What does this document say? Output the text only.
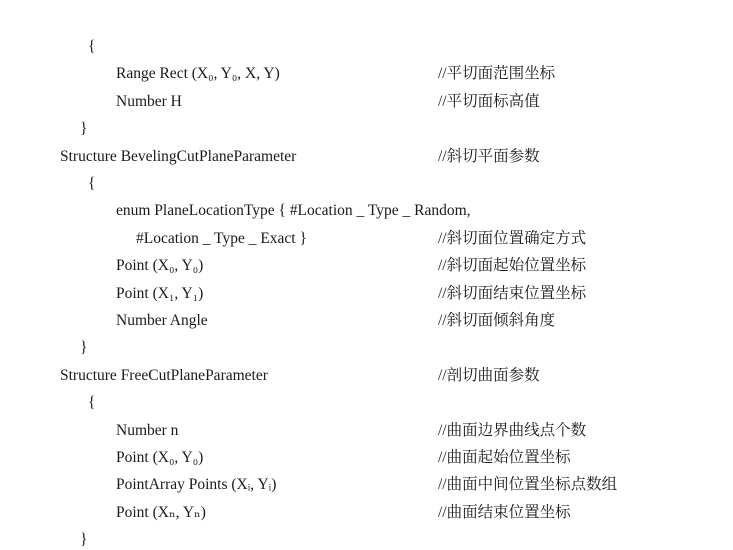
{
Range Rect (X₀, Y₀, X, Y)	//平切面范围坐标
Number H	//平切面标高值
}
Structure BevelingCutPlaneParameter	//斜切平面参数
{
enum PlaneLocationType { #Location _ Type _ Random,
#Location _ Type _ Exact }	//斜切面位置确定方式
Point (X₀, Y₀)	//斜切面起始位置坐标
Point (X₁, Y₁)	//斜切面结束位置坐标
Number Angle	//斜切面倾斜角度
}
Structure FreeCutPlaneParameter	//剖切曲面参数
{
Number n	//曲面边界曲线点个数
Point (X₀, Y₀)	//曲面起始位置坐标
PointArray Points (Xᵢ, Yᵢ)	//曲面中间位置坐标点数组
Point (Xₙ, Yₙ)	//曲面结束位置坐标
}
